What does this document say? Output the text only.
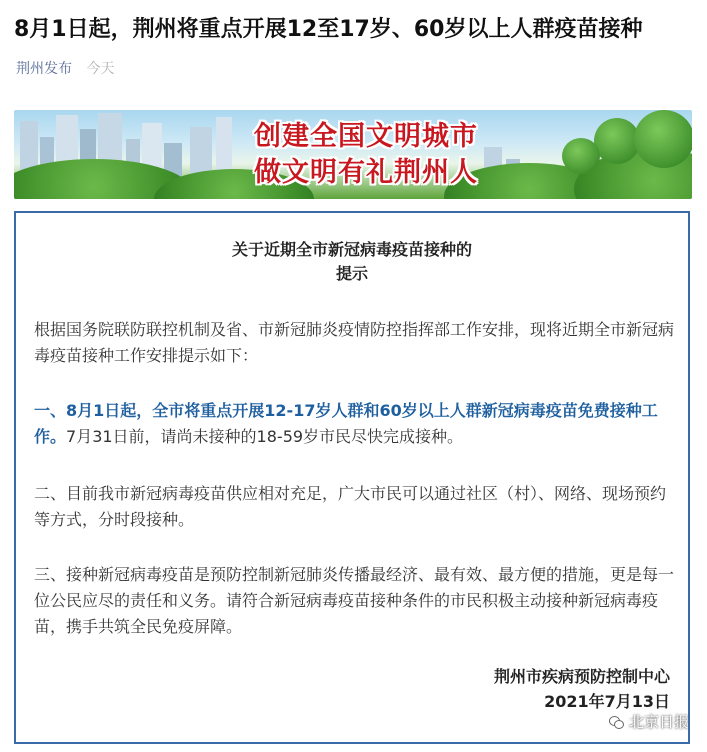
8月1日起，荆州将重点开展12至17岁、60岁以上人群疫苗接种
荆州发布 今天
创建全国文明城市
做文明有礼荆州人
关于近期全市新冠病毒疫苗接种的
提示

根据国务院联防联控机制及省、市新冠肺炎疫情防控指挥部工作安排，现将近期全市新冠病毒疫苗接种工作安排提示如下：

一、8月1日起，全市将重点开展12-17岁人群和60岁以上人群新冠病毒疫苗免费接种工作。7月31日前，请尚未接种的18-59岁市民尽快完成接种。

二、目前我市新冠病毒疫苗供应相对充足，广大市民可以通过社区（村）、网络、现场预约等方式，分时段接种。

三、接种新冠病毒疫苗是预防控制新冠肺炎传播最经济、最有效、最方便的措施，更是每一位公民应尽的责任和义务。请符合新冠病毒疫苗接种条件的市民积极主动接种新冠病毒疫苗，携手共筑全民免疫屏障。

荆州市疾病预防控制中心
2021年7月13日
北京日报
